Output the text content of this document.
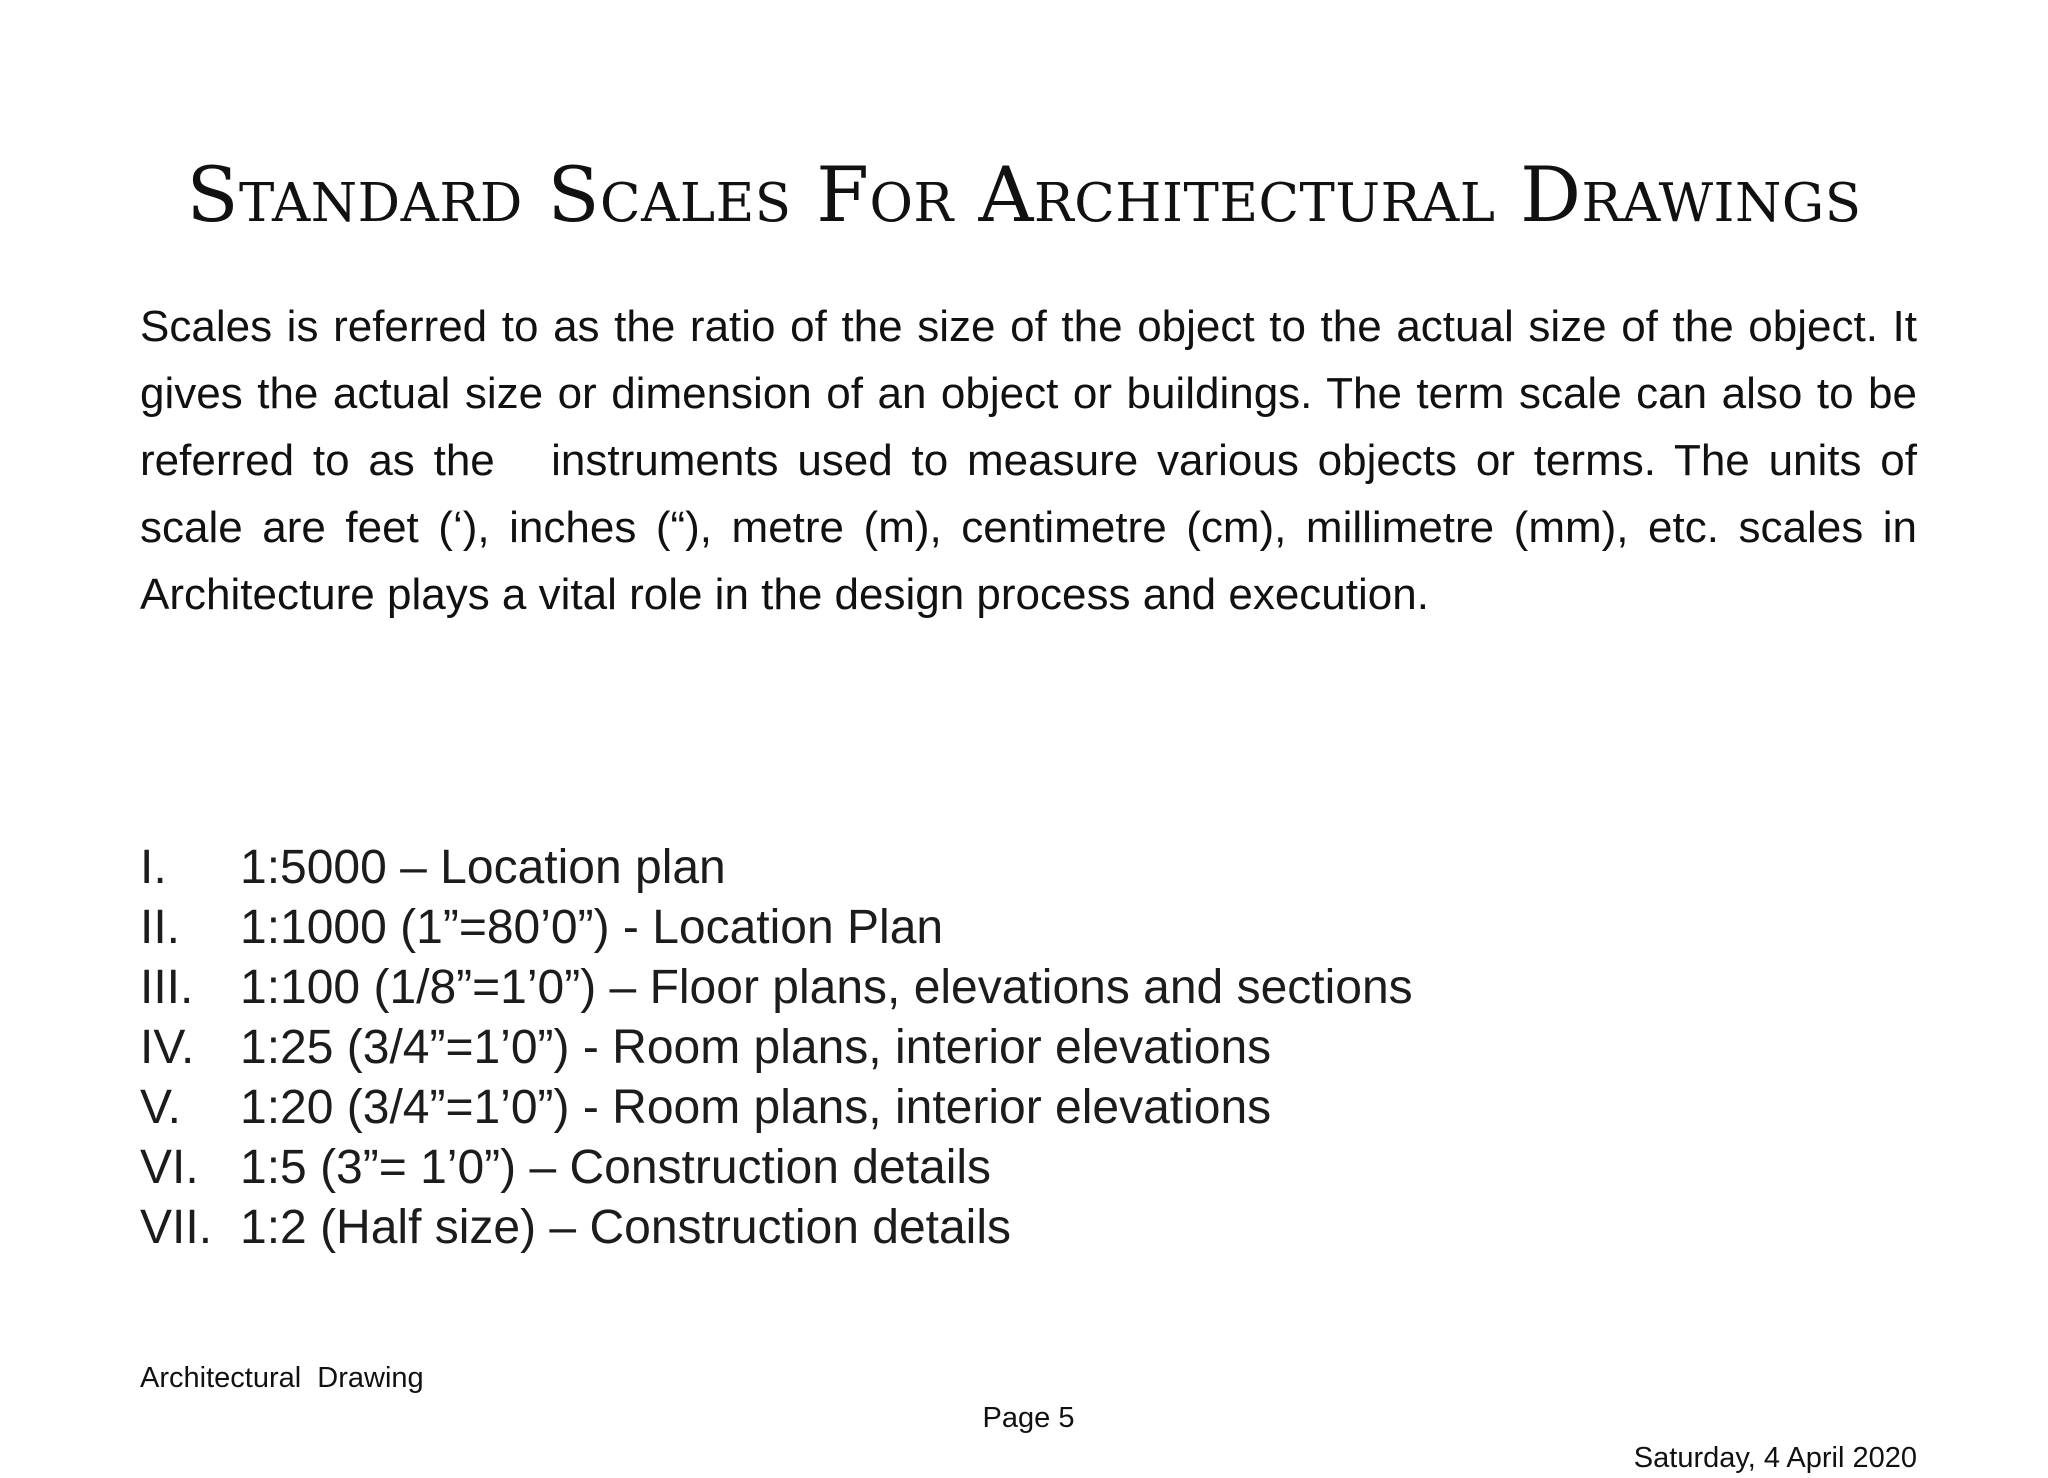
Standard Scales For Architectural Drawings

Scales is referred to as the ratio of the size of the object to the actual size of the object. It gives the actual size or dimension of an object or buildings. The term scale can also to be referred to as the   instruments used to measure various objects or terms. The units of scale are feet (‘), inches (“), metre (m), centimetre (cm), millimetre (mm), etc. scales in Architecture plays a vital role in the design process and execution.

I.	1:5000 – Location plan
II.	1:1000 (1”=80’0”) - Location Plan
III. 1:100 (1/8”=1’0”) – Floor plans, elevations and sections
IV. 1:25 (3/4”=1’0”) - Room plans, interior elevations
V.	1:20 (3/4”=1’0”) - Room plans, interior elevations
VI. 1:5 (3”= 1’0”) – Construction details
VII. 1:2 (Half size) – Construction details

Architectural  Drawing

Page 5

Saturday, 4 April 2020
